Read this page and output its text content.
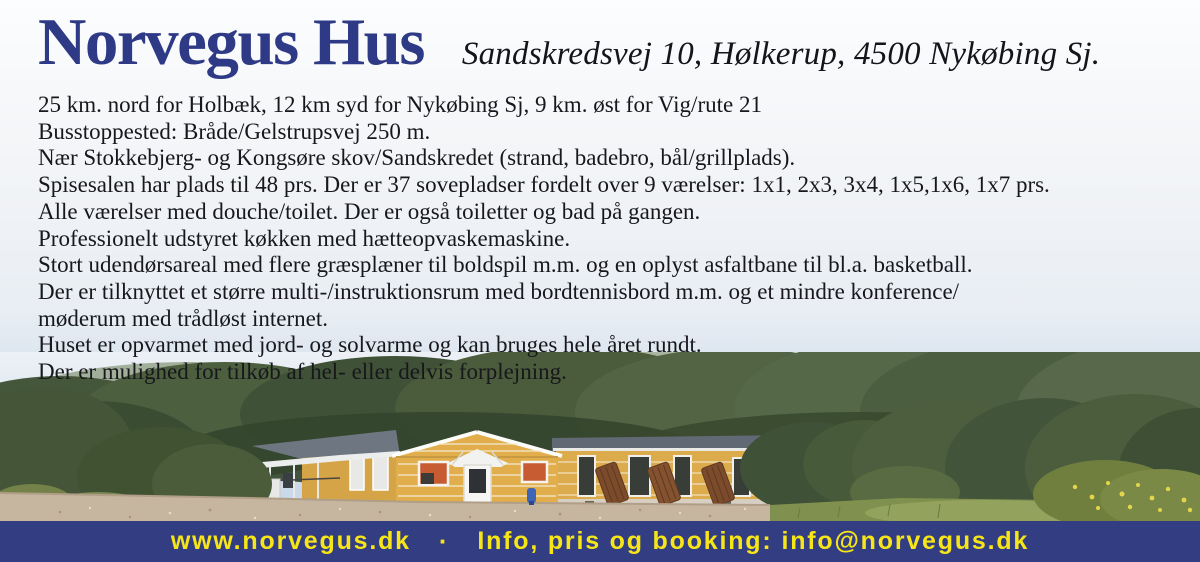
Norvegus Hus Sandskredsvej 10, Hølkerup, 4500 Nykøbing Sj.
25 km. nord for Holbæk, 12 km syd for Nykøbing Sj, 9 km. øst for Vig/rute 21
Busstoppested: Bråde/Gelstrupsvej 250 m.
Nær Stokkebjerg- og Kongsøre skov/Sandskredet (strand, badebro, bål/grillplads).
Spisesalen har plads til 48 prs. Der er 37 sovepladser fordelt over 9 værelser: 1x1, 2x3, 3x4, 1x5,1x6, 1x7 prs.
Alle værelser med douche/toilet. Der er også toiletter og bad på gangen.
Professionelt udstyret køkken med hætteopvaskemaskine.
Stort udendørsareal med flere græsplæner til boldspil m.m. og en oplyst asfaltbane til bl.a. basketball.
Der er tilknyttet et større multi-/instruktionsrum med bordtennisbord m.m. og et mindre konference/
møderum med trådløst internet.
Huset er opvarmet med jord- og solvarme og kan bruges hele året rundt.
Der er mulighed for tilkøb af hel- eller delvis forplejning.
www.norvegus.dk · Info, pris og booking: info@norvegus.dk
